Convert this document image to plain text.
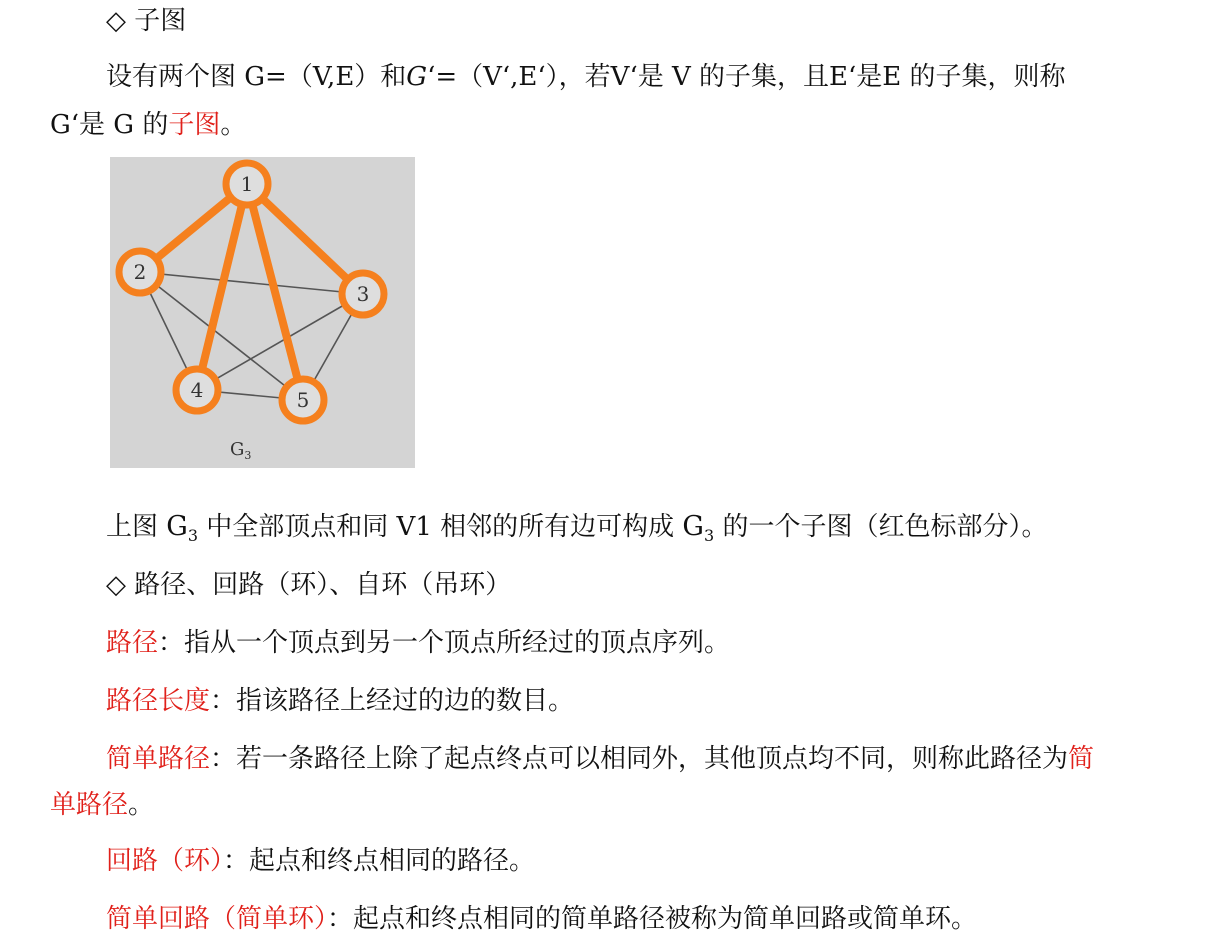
◇ 子图

设有两个图 G=（V,E）和G‘=（V‘,E‘），若V‘是 V 的子集，且E‘是E 的子集，则称

G‘是 G 的子图。

1
2
3
4	5
$G_3$

上图 $G_3$ 中全部顶点和同 V1 相邻的所有边可构成 $G_3$ 的一个子图（红色标部分）。

◇ 路径、回路（环）、自环（吊环）

路径：指从一个顶点到另一个顶点所经过的顶点序列。

路径长度：指该路径上经过的边的数目。

简单路径：若一条路径上除了起点终点可以相同外，其他顶点均不同，则称此路径为简

单路径。

回路（环）：起点和终点相同的路径。

简单回路（简单环）：起点和终点相同的简单路径被称为简单回路或简单环。
